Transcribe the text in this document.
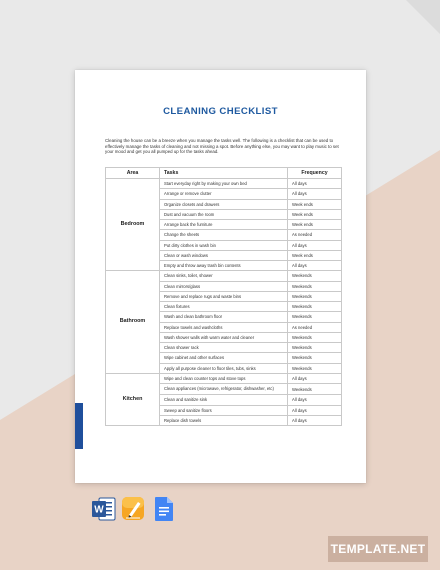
CLEANING CHECKLIST
Cleaning the house can be a breeze when you manage the tasks well. The following is a checklist that can be used to effectively manage the tasks of cleaning and not missing a spot. Before anything else, you may want to play music to set your mood and get you all pumped up for the tasks ahead.
Area	Tasks	Frequency
Bedroom	Start everyday right by making your own bed	All days
	Arrange or remove clutter	All days
	Organize closets and drawers	Week ends
	Dust and vacuum the room	Week ends
	Arrange back the furniture	Week ends
	Change the sheets	As needed
	Put dirty clothes in wash bin	All days
	Clean or wash windows	Week ends
	Empty and throw away trash bin contents	All days
Bathroom	Clean sinks, toilet, shower	Weekends
	Clean mirrors/glass	Weekends
	Remove and replace rugs and waste bins	Weekends
	Clean fixtures	Weekends
	Wash and clean bathroom floor	Weekends
	Replace towels and washcloths	As needed
	Wash shower walls with warm water and cleaner	Weekends
	Clean shower rack	Weekends
	Wipe cabinet and other surfaces	Weekends
	Apply all purpose cleaner to floor tiles, tubs, sinks	Weekends
Kitchen	Wipe and clean counter tops and stove tops	All days
	Clean appliances (microwave, refrigerator, dishwasher, etc)	Weekends
	Clean and sanitize sink	All days
	Sweep and sanitize floors	All days
	Replace dish towels	All days
W
TEMPLATE.NET
